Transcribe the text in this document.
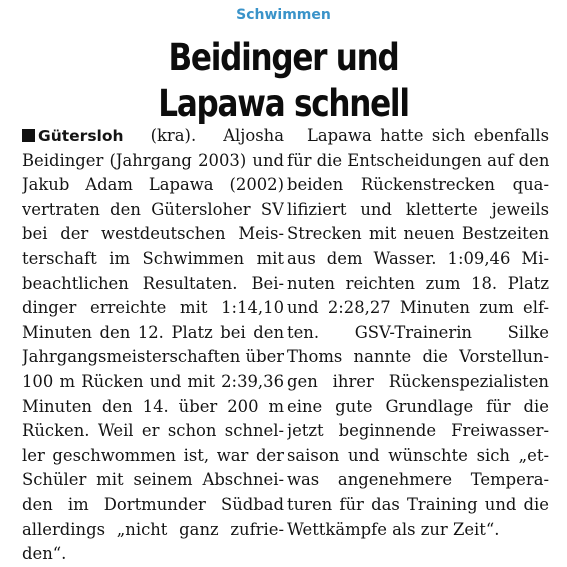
Schwimmen
Beidinger und
Lapawa schnell
Gütersloh (kra). Aljosha
Beidinger (Jahrgang 2003) und
Jakub Adam Lapawa (2002)
vertraten den Gütersloher SV
bei der westdeutschen Meis-
terschaft im Schwimmen mit
beachtlichen Resultaten. Bei-
dinger erreichte mit 1:14,10
Minuten den 12. Platz bei den
Jahrgangsmeisterschaften über
100 m Rücken und mit 2:39,36
Minuten den 14. über 200 m
Rücken. Weil er schon schnel-
ler geschwommen ist, war der
Schüler mit seinem Abschnei-
den im Dortmunder Südbad
allerdings „nicht ganz zufrie-
den“.
Lapawa hatte sich ebenfalls
für die Entscheidungen auf den
beiden Rückenstrecken qua-
lifiziert und kletterte jeweils
Strecken mit neuen Bestzeiten
aus dem Wasser. 1:09,46 Mi-
nuten reichten zum 18. Platz
und 2:28,27 Minuten zum elf-
ten. GSV-Trainerin Silke
Thoms nannte die Vorstellun-
gen ihrer Rückenspezialisten
eine gute Grundlage für die
jetzt beginnende Freiwasser-
saison und wünschte sich „et-
was angenehmere Tempera-
turen für das Training und die
Wettkämpfe als zur Zeit“.
